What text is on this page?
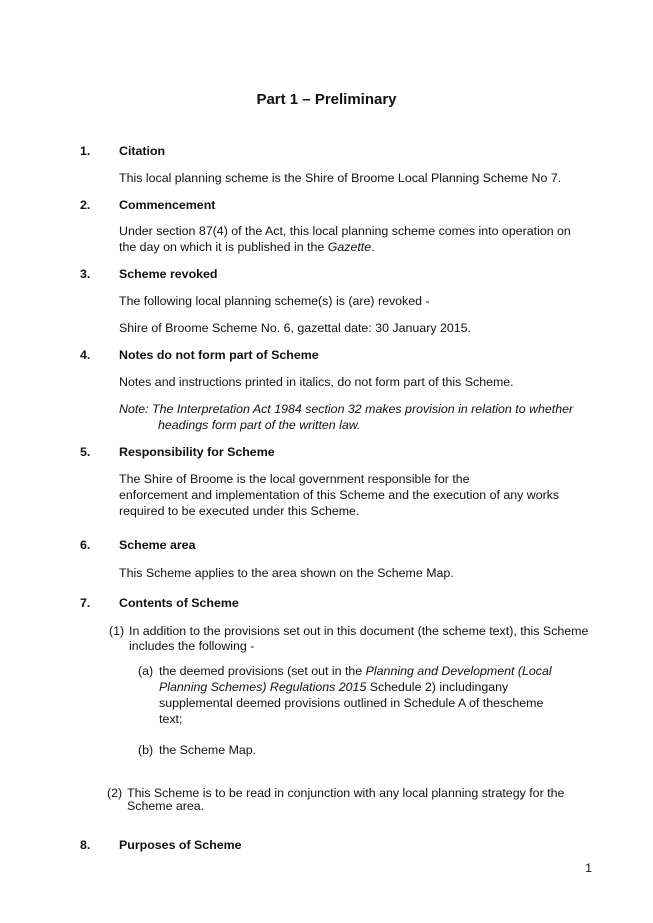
Part 1 – Preliminary
1. Citation
This local planning scheme is the Shire of Broome Local Planning Scheme No 7.
2. Commencement
Under section 87(4) of the Act, this local planning scheme comes into operation on
the day on which it is published in the Gazette.
3. Scheme revoked
The following local planning scheme(s) is (are) revoked -
Shire of Broome Scheme No. 6, gazettal date: 30 January 2015.
4. Notes do not form part of Scheme
Notes and instructions printed in italics, do not form part of this Scheme.
Note: The Interpretation Act 1984 section 32 makes provision in relation to whether
headings form part of the written law.
5. Responsibility for Scheme
The Shire of Broome is the local government responsible for the
enforcement and implementation of this Scheme and the execution of any works
required to be executed under this Scheme.
6. Scheme area
This Scheme applies to the area shown on the Scheme Map.
7. Contents of Scheme
(1) In addition to the provisions set out in this document (the scheme text), this Scheme
includes the following -
(a) the deemed provisions (set out in the Planning and Development (Local
Planning Schemes) Regulations 2015 Schedule 2) includingany
supplemental deemed provisions outlined in Schedule A of thescheme
text;
(b) the Scheme Map.
(2) This Scheme is to be read in conjunction with any local planning strategy for the
Scheme area.
8. Purposes of Scheme
1
